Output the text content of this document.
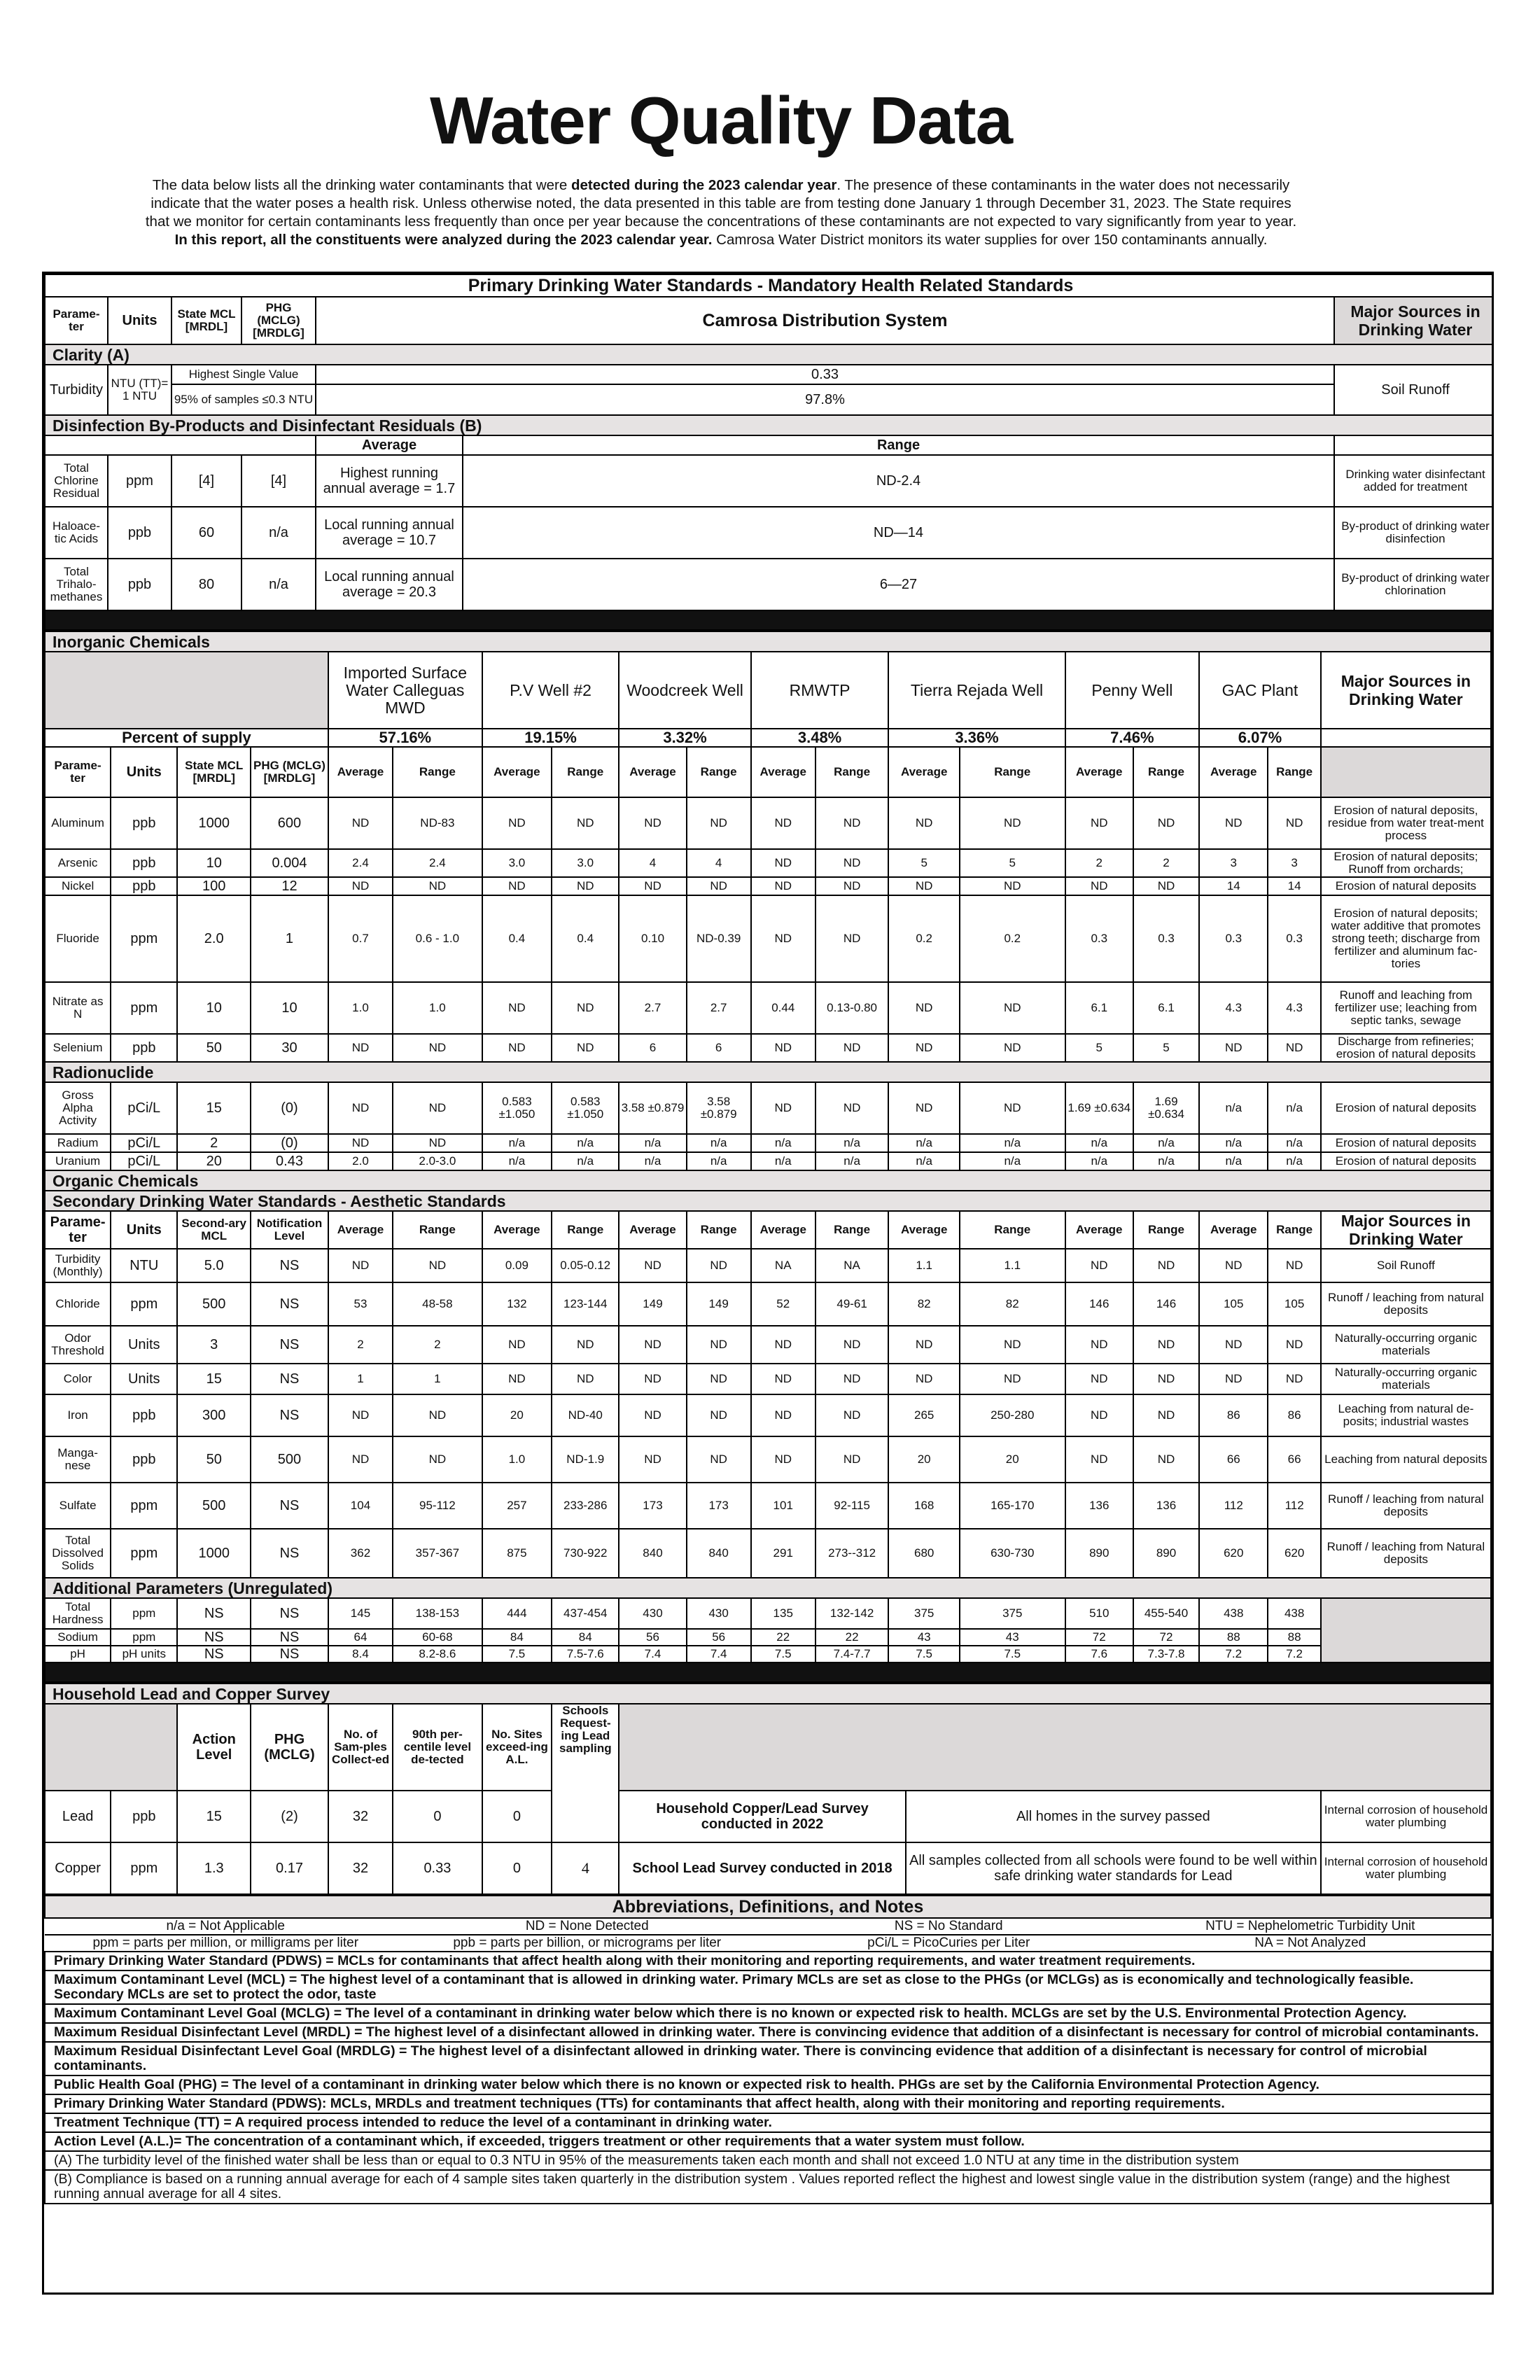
Water Quality Data
The data below lists all the drinking water contaminants that were detected during the 2023 calendar year. The presence of these contaminants in the water does not necessarily indicate that the water poses a health risk. Unless otherwise noted, the data presented in this table are from testing done January 1 through December 31, 2023. The State requires that we monitor for certain contaminants less frequently than once per year because the concentrations of these contaminants are not expected to vary significantly from year to year. In this report, all the constituents were analyzed during the 2023 calendar year. Camrosa Water District monitors its water supplies for over 150 contaminants annually.
Primary Drinking Water Standards - Mandatory Health Related Standards						
Parame-ter	Units	State MCL [MRDL]	PHG (MCLG) [MRDLG]	Camrosa Distribution System		Major Sources in Drinking Water
Clarity (A)						
Turbidity	NTU (TT)= 1 NTU	Highest Single Value		0.33		Soil Runoff
		95% of samples ≤0.3 NTU		97.8%		
Disinfection By-Products and Disinfectant Residuals (B)						
				Average	Range	
Total Chlorine Residual	ppm	[4]	[4]	Highest running annual average = 1.7	ND-2.4	Drinking water disinfectant added for treatment
Haloace-tic Acids	ppb	60	n/a	Local running annual average = 10.7	ND—14	By-product of drinking water disinfection
Total Trihalo-methanes	ppb	80	n/a	Local running annual average = 20.3	6—27	By-product of drinking water chlorination

Inorganic Chemicals																		
				Imported Surface Water Calleguas MWD		P.V Well #2		Woodcreek Well		RMWTP		Tierra Rejada Well		Penny Well		GAC Plant		Major Sources in Drinking Water
Percent of supply				57.16%		19.15%		3.32%		3.48%		3.36%		7.46%		6.07%		
Parame-ter	Units	State MCL [MRDL]	PHG (MCLG) [MRDLG]	Average	Range	Average	Range	Average	Range	Average	Range	Average	Range	Average	Range	Average	Range	
Aluminum	ppb	1000	600	ND	ND-83	ND	ND	ND	ND	ND	ND	ND	ND	ND	ND	ND	ND	Erosion of natural deposits, residue from water treat-ment process
Arsenic	ppb	10	0.004	2.4	2.4	3.0	3.0	4	4	ND	ND	5	5	2	2	3	3	Erosion of natural deposits; Runoff from orchards;
Nickel	ppb	100	12	ND	ND	ND	ND	ND	ND	ND	ND	ND	ND	ND	ND	14	14	Erosion of natural deposits
Fluoride	ppm	2.0	1	0.7	0.6 - 1.0	0.4	0.4	0.10	ND-0.39	ND	ND	0.2	0.2	0.3	0.3	0.3	0.3	Erosion of natural deposits; water additive that promotes strong teeth; discharge from fertilizer and aluminum fac-tories
Nitrate as N	ppm	10	10	1.0	1.0	ND	ND	2.7	2.7	0.44	0.13-0.80	ND	ND	6.1	6.1	4.3	4.3	Runoff and leaching from fertilizer use; leaching from septic tanks, sewage
Selenium	ppb	50	30	ND	ND	ND	ND	6	6	ND	ND	ND	ND	5	5	ND	ND	Discharge from refineries; erosion of natural deposits
Radionuclide																		
Gross Alpha Activity	pCi/L	15	(0)	ND	ND	0.583 ±1.050	0.583 ±1.050	3.58 ±0.879	3.58 ±0.879	ND	ND	ND	ND	1.69 ±0.634	1.69 ±0.634	n/a	n/a	Erosion of natural deposits
Radium	pCi/L	2	(0)	ND	ND	n/a	n/a	n/a	n/a	n/a	n/a	n/a	n/a	n/a	n/a	n/a	n/a	Erosion of natural deposits
Uranium	pCi/L	20	0.43	2.0	2.0-3.0	n/a	n/a	n/a	n/a	n/a	n/a	n/a	n/a	n/a	n/a	n/a	n/a	Erosion of natural deposits
Organic Chemicals																		
Secondary Drinking Water Standards - Aesthetic Standards																		
Parame-ter	Units	Second-ary MCL	Notification Level	Average	Range	Average	Range	Average	Range	Average	Range	Average	Range	Average	Range	Average	Range	Major Sources in Drinking Water
Turbidity (Monthly)	NTU	5.0	NS	ND	ND	0.09	0.05-0.12	ND	ND	NA	NA	1.1	1.1	ND	ND	ND	ND	Soil Runoff
Chloride	ppm	500	NS	53	48-58	132	123-144	149	149	52	49-61	82	82	146	146	105	105	Runoff / leaching from natural deposits
Odor Threshold	Units	3	NS	2	2	ND	ND	ND	ND	ND	ND	ND	ND	ND	ND	ND	ND	Naturally-occurring organic materials
Color	Units	15	NS	1	1	ND	ND	ND	ND	ND	ND	ND	ND	ND	ND	ND	ND	Naturally-occurring organic materials
Iron	ppb	300	NS	ND	ND	20	ND-40	ND	ND	ND	ND	265	250-280	ND	ND	86	86	Leaching from natural de-posits; industrial wastes
Manga-nese	ppb	50	500	ND	ND	1.0	ND-1.9	ND	ND	ND	ND	20	20	ND	ND	66	66	Leaching from natural deposits
Sulfate	ppm	500	NS	104	95-112	257	233-286	173	173	101	92-115	168	165-170	136	136	112	112	Runoff / leaching from natural deposits
Total Dissolved Solids	ppm	1000	NS	362	357-367	875	730-922	840	840	291	273--312	680	630-730	890	890	620	620	Runoff / leaching from Natural deposits
Additional Parameters (Unregulated)																		
Total Hardness	ppm	NS	NS	145	138-153	444	437-454	430	430	135	132-142	375	375	510	455-540	438	438	
Sodium	ppm	NS	NS	64	60-68	84	84	56	56	22	22	43	43	72	72	88	88	
pH	pH units	NS	NS	8.4	8.2-8.6	7.5	7.5-7.6	7.4	7.4	7.5	7.4-7.7	7.5	7.5	7.6	7.3-7.8	7.2	7.2	

Household Lead and Copper Survey										
		Action Level	PHG (MCLG)	No. of Sam-ples Collect-ed	90th per-centile level de-tected	No. Sites exceed-ing A.L.	Schools Request-ing Lead sampling			
Lead	ppb	15	(2)	32	0	0		Household Copper/Lead Survey conducted in 2022	All homes in the survey passed	Internal corrosion of household water plumbing
Copper	ppm	1.3	0.17	32	0.33	0	4	School Lead Survey conducted in 2018	All samples collected from all schools were found to be well within safe drinking water standards for Lead	Internal corrosion of household water plumbing
Abbreviations, Definitions, and Notes			
n/a = Not Applicable	ND = None Detected	NS = No Standard	NTU = Nephelometric Turbidity Unit
ppm = parts per million, or milligrams per liter	ppb = parts per billion, or micrograms per liter	pCi/L = PicoCuries per Liter	NA = Not Analyzed
Primary Drinking Water Standard (PDWS) = MCLs for contaminants that affect health along with their monitoring and reporting requirements, and water treatment requirements.			
Maximum Contaminant Level (MCL) = The highest level of a contaminant that is allowed in drinking water. Primary MCLs are set as close to the PHGs (or MCLGs) as is economically and technologically feasible. Secondary MCLs are set to protect the odor, taste			
Maximum Contaminant Level Goal (MCLG) = The level of a contaminant in drinking water below which there is no known or expected risk to health. MCLGs are set by the U.S. Environmental Protection Agency.			
Maximum Residual Disinfectant Level (MRDL) = The highest level of a disinfectant allowed in drinking water. There is convincing evidence that addition of a disinfectant is necessary for control of microbial contaminants.			
Maximum Residual Disinfectant Level Goal (MRDLG) = The highest level of a disinfectant allowed in drinking water. There is convincing evidence that addition of a disinfectant is necessary for control of microbial contaminants.			
Public Health Goal (PHG) = The level of a contaminant in drinking water below which there is no known or expected risk to health. PHGs are set by the California Environmental Protection Agency.			
Primary Drinking Water Standard (PDWS): MCLs, MRDLs and treatment techniques (TTs) for contaminants that affect health, along with their monitoring and reporting requirements.			
Treatment Technique (TT) = A required process intended to reduce the level of a contaminant in drinking water.			
Action Level (A.L.)= The concentration of a contaminant which, if exceeded, triggers treatment or other requirements that a water system must follow.			
(A) The turbidity level of the finished water shall be less than or equal to 0.3 NTU in 95% of the measurements taken each month and shall not exceed 1.0 NTU at any time in the distribution system			
(B) Compliance is based on a running annual average for each of 4 sample sites taken quarterly in the distribution system . Values reported reflect the highest and lowest single value in the distribution system (range) and the highest running annual average for all 4 sites.			
